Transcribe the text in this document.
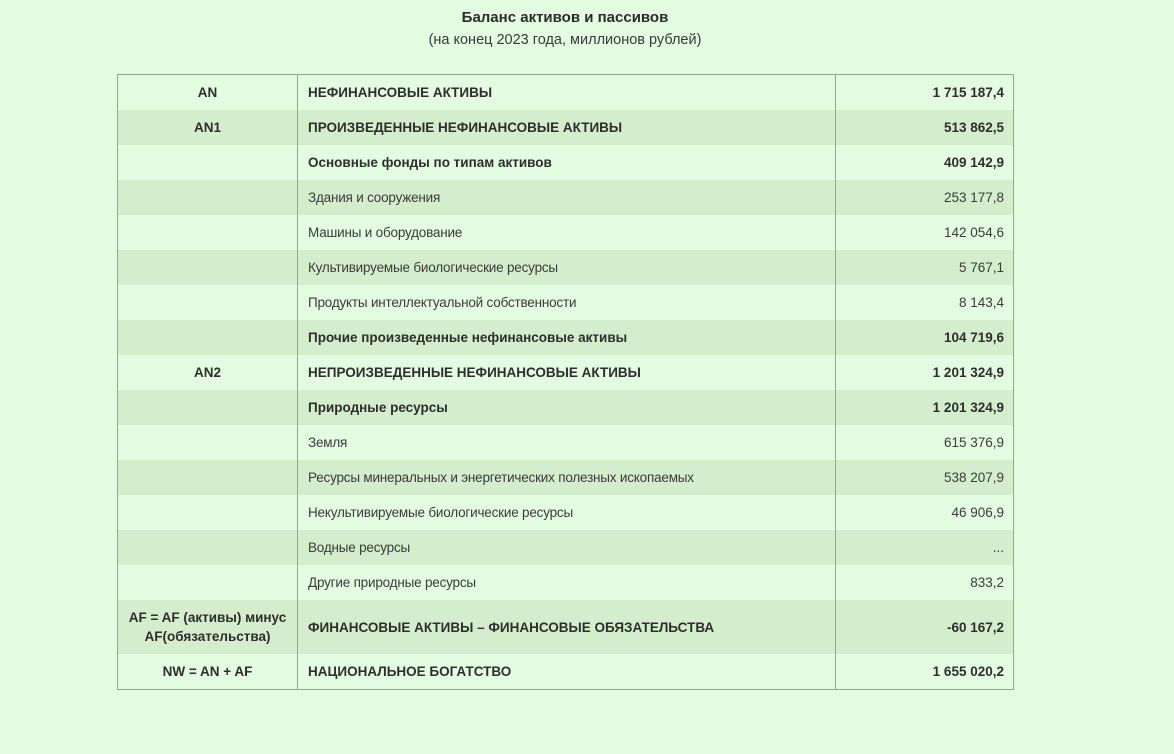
Баланс активов и пассивов
(на конец 2023 года, миллионов рублей)
AN	НЕФИНАНСОВЫЕ АКТИВЫ	1 715 187,4
AN1	ПРОИЗВЕДЕННЫЕ НЕФИНАНСОВЫЕ АКТИВЫ	513 862,5
	Основные фонды по типам активов	409 142,9
	Здания и сооружения	253 177,8
	Машины и оборудование	142 054,6
	Культивируемые биологические ресурсы	5 767,1
	Продукты интеллектуальной собственности	8 143,4
	Прочие произведенные нефинансовые активы	104 719,6
AN2	НЕПРОИЗВЕДЕННЫЕ НЕФИНАНСОВЫЕ АКТИВЫ	1 201 324,9
	Природные ресурсы	1 201 324,9
	Земля	615 376,9
	Ресурсы минеральных и энергетических полезных ископаемых	538 207,9
	Некультивируемые биологические ресурсы	46 906,9
	Водные ресурсы	...
	Другие природные ресурсы	833,2
AF = AF (активы) минус AF(обязательства)	ФИНАНСОВЫЕ АКТИВЫ – ФИНАНСОВЫЕ ОБЯЗАТЕЛЬСТВА	-60 167,2
NW = AN + AF	НАЦИОНАЛЬНОЕ БОГАТСТВО	1 655 020,2
